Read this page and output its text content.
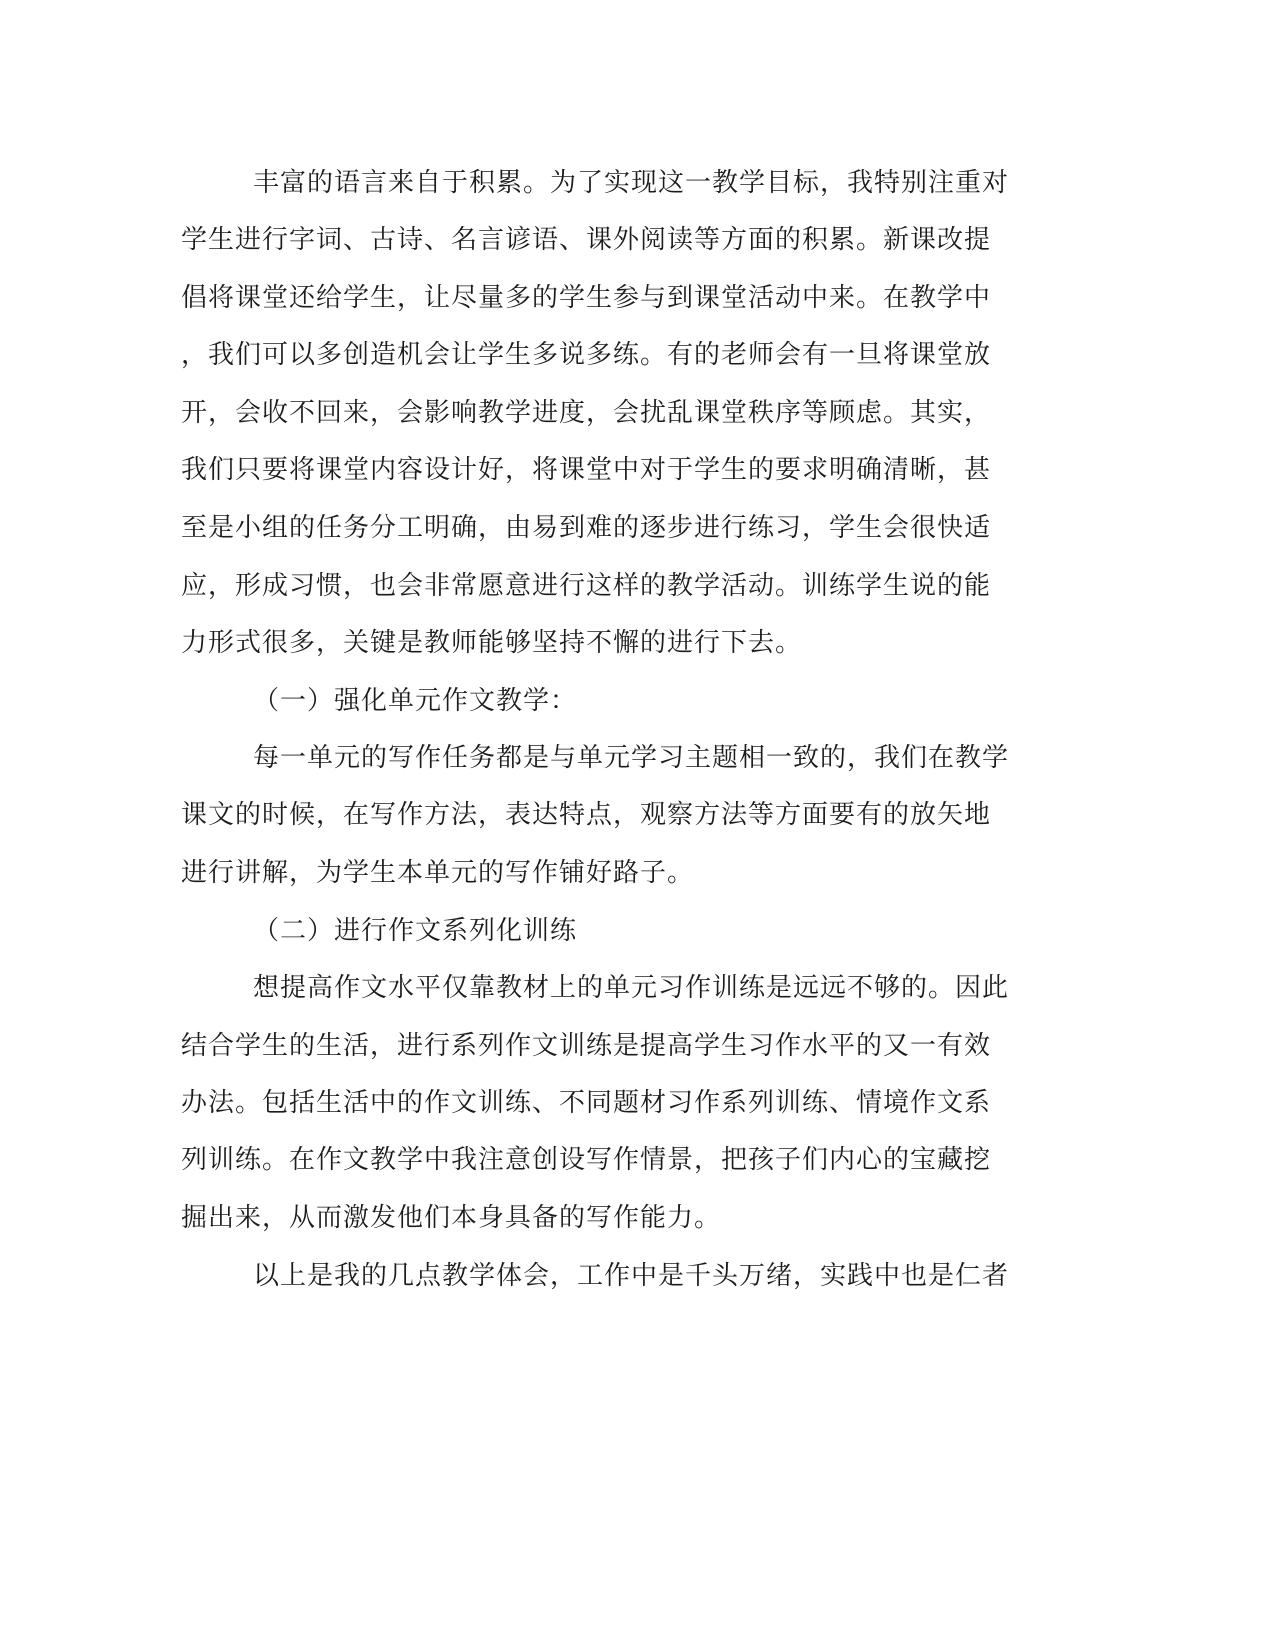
丰富的语言来自于积累。为了实现这一教学目标，我特别注重对
学生进行字词、古诗、名言谚语、课外阅读等方面的积累。新课改提
倡将课堂还给学生，让尽量多的学生参与到课堂活动中来。在教学中
，我们可以多创造机会让学生多说多练。有的老师会有一旦将课堂放
开，会收不回来，会影响教学进度，会扰乱课堂秩序等顾虑。其实，
我们只要将课堂内容设计好，将课堂中对于学生的要求明确清晰，甚
至是小组的任务分工明确，由易到难的逐步进行练习，学生会很快适
应，形成习惯，也会非常愿意进行这样的教学活动。训练学生说的能
力形式很多，关键是教师能够坚持不懈的进行下去。
（一）强化单元作文教学：
每一单元的写作任务都是与单元学习主题相一致的，我们在教学
课文的时候，在写作方法，表达特点，观察方法等方面要有的放矢地
进行讲解，为学生本单元的写作铺好路子。
（二）进行作文系列化训练
想提高作文水平仅靠教材上的单元习作训练是远远不够的。因此
结合学生的生活，进行系列作文训练是提高学生习作水平的又一有效
办法。包括生活中的作文训练、不同题材习作系列训练、情境作文系
列训练。在作文教学中我注意创设写作情景，把孩子们内心的宝藏挖
掘出来，从而激发他们本身具备的写作能力。
以上是我的几点教学体会，工作中是千头万绪，实践中也是仁者
